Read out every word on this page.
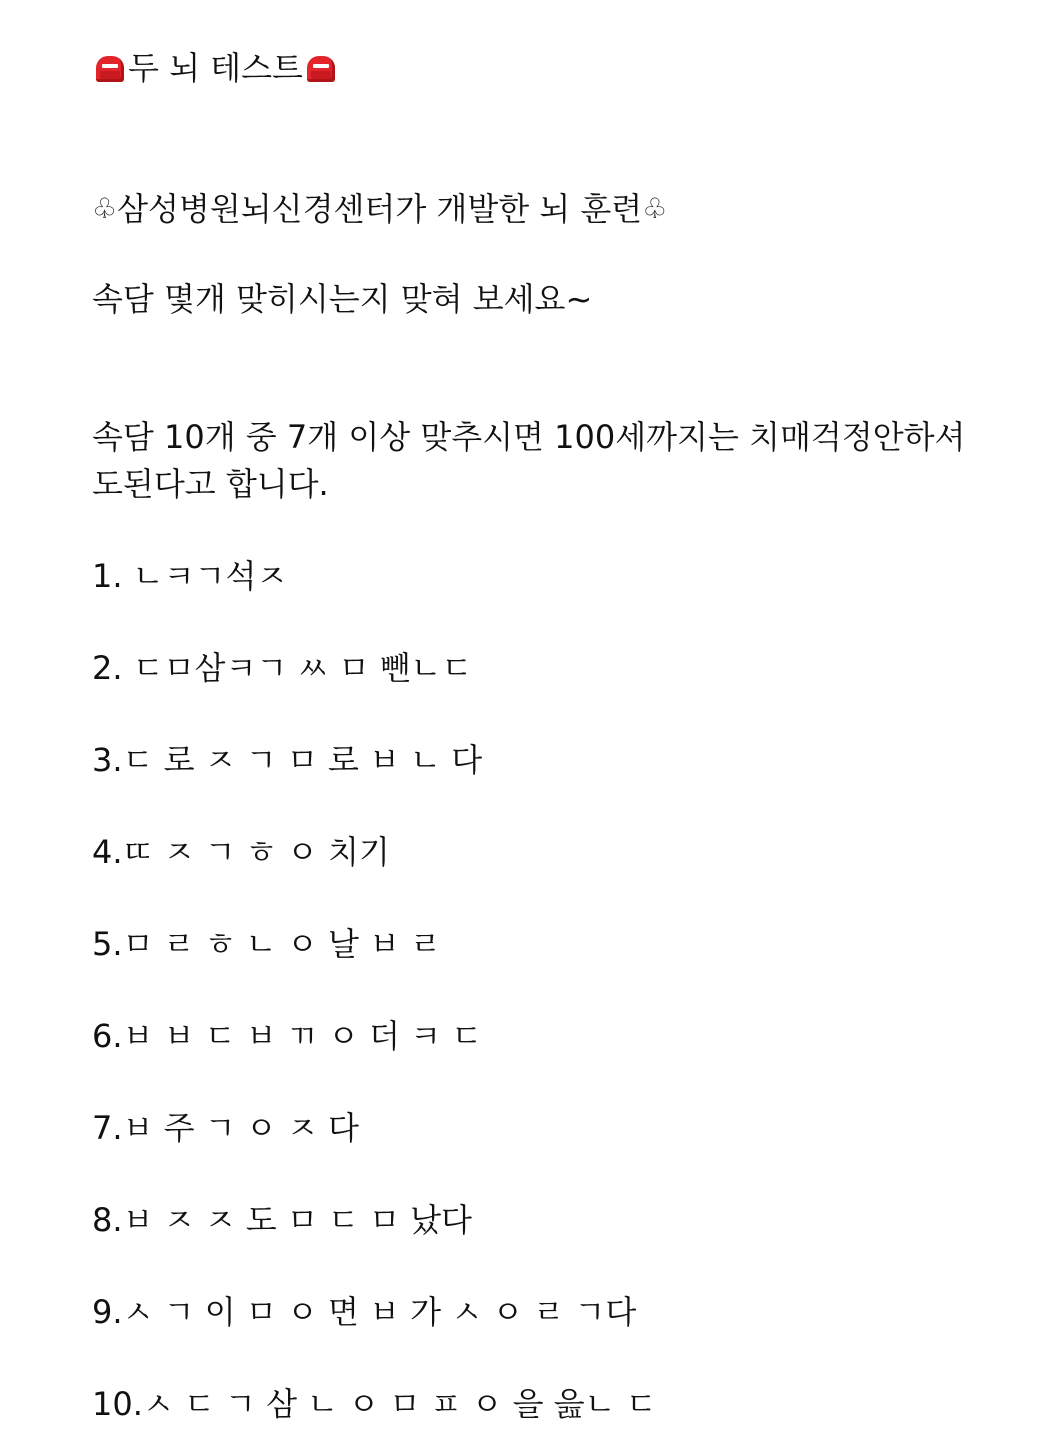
두 뇌 테스트
♧삼성병원뇌신경센터가 개발한 뇌 훈련♧
속담 몇개 맞히시는지 맞혀 보세요~
속담 10개 중 7개 이상 맞추시면 100세까지는 치매걱정안하셔
도된다고 합니다.
1. ㄴㅋㄱ석ㅈ
2. ㄷㅁ삼ㅋㄱ ㅆ ㅁ 뺀ㄴㄷ
3.ㄷ 로 ㅈ ㄱ ㅁ 로 ㅂ ㄴ 다
4.ㄸ ㅈ ㄱ ㅎ ㅇ 치기
5.ㅁ ㄹ ㅎ ㄴ ㅇ 날 ㅂ ㄹ
6.ㅂ ㅂ ㄷ ㅂ ㄲ ㅇ 더 ㅋ ㄷ
7.ㅂ 주 ㄱ ㅇ ㅈ 다
8.ㅂ ㅈ ㅈ 도 ㅁ ㄷ ㅁ 났다
9.ㅅ ㄱ 이 ㅁ ㅇ 면 ㅂ 가 ㅅ ㅇ ㄹ ㄱ다
10.ㅅ ㄷ ㄱ 삼 ㄴ ㅇ ㅁ ㅍ ㅇ 을 읊ㄴ ㄷ
